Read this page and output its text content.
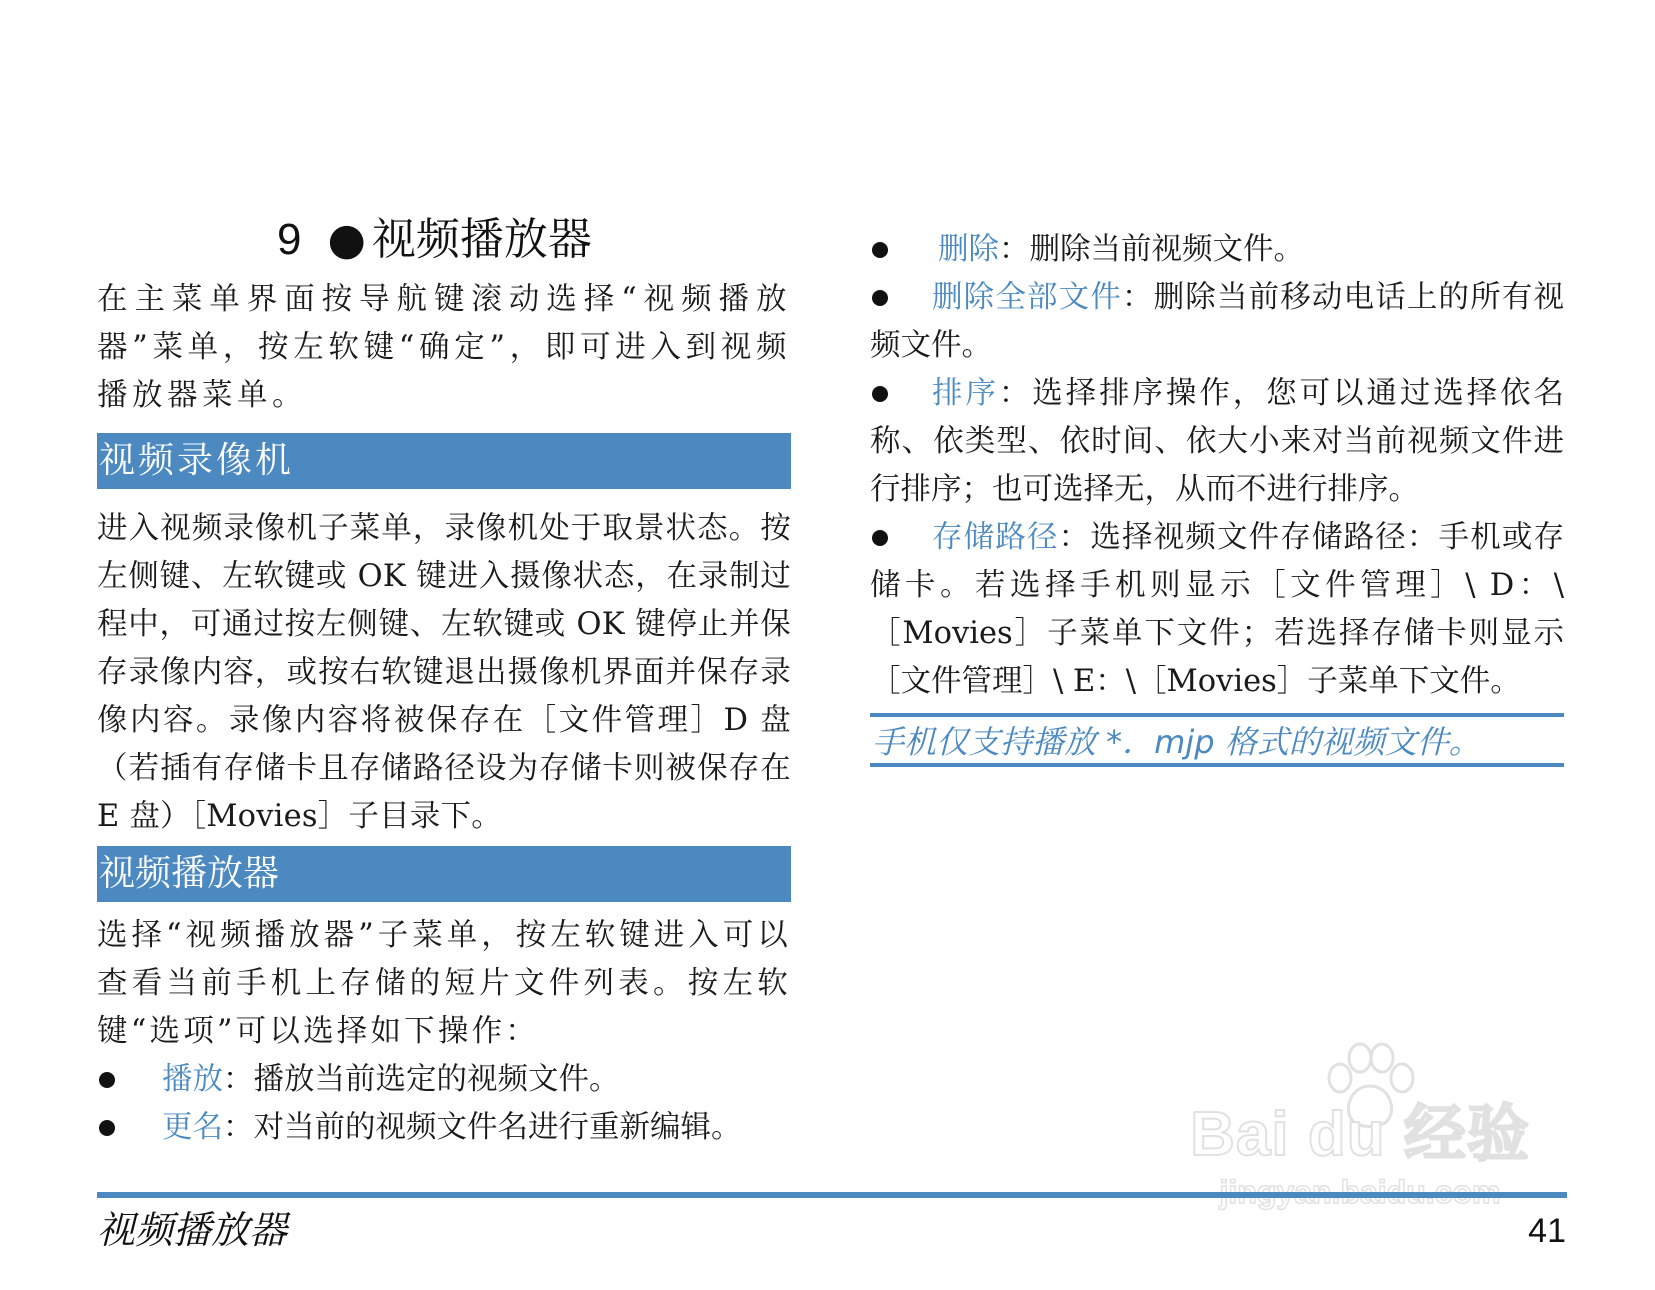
9 ● 视频播放器

在主菜单界面按导航键滚动选择“视频播放器”菜单，按左软键“确定”，即可进入到视频播放器菜单。

视频录像机

进入视频录像机子菜单，录像机处于取景状态。按左侧键、左软键或 OK 键进入摄像状态，在录制过程中，可通过按左侧键、左软键或 OK 键停止并保存录像内容，或按右软键退出摄像机界面并保存录像内容。录像内容将被保存在［文件管理］D 盘（若插有存储卡且存储路径设为存储卡则被保存在 E 盘）［Movies］子目录下。

视频播放器

选择“视频播放器”子菜单，按左软键进入可以查看当前手机上存储的短片文件列表。按左软键“选项”可以选择如下操作：

播放：播放当前选定的视频文件。

更名：对当前的视频文件名进行重新编辑。

删除：删除当前视频文件。

删除全部文件：删除当前移动电话上的所有视频文件。

排序：选择排序操作，您可以通过选择依名称、依类型、依时间、依大小来对当前视频文件进行排序；也可选择无，从而不进行排序。

存储路径：选择视频文件存储路径：手机或存储卡。若选择手机则显示［文件管理］\ D：\［Movies］子菜单下文件；若选择存储卡则显示［文件管理］\ E：\［Movies］子菜单下文件。

手机仅支持播放 *．mjp 格式的视频文件。
Bai du 经验
视频播放器	41
